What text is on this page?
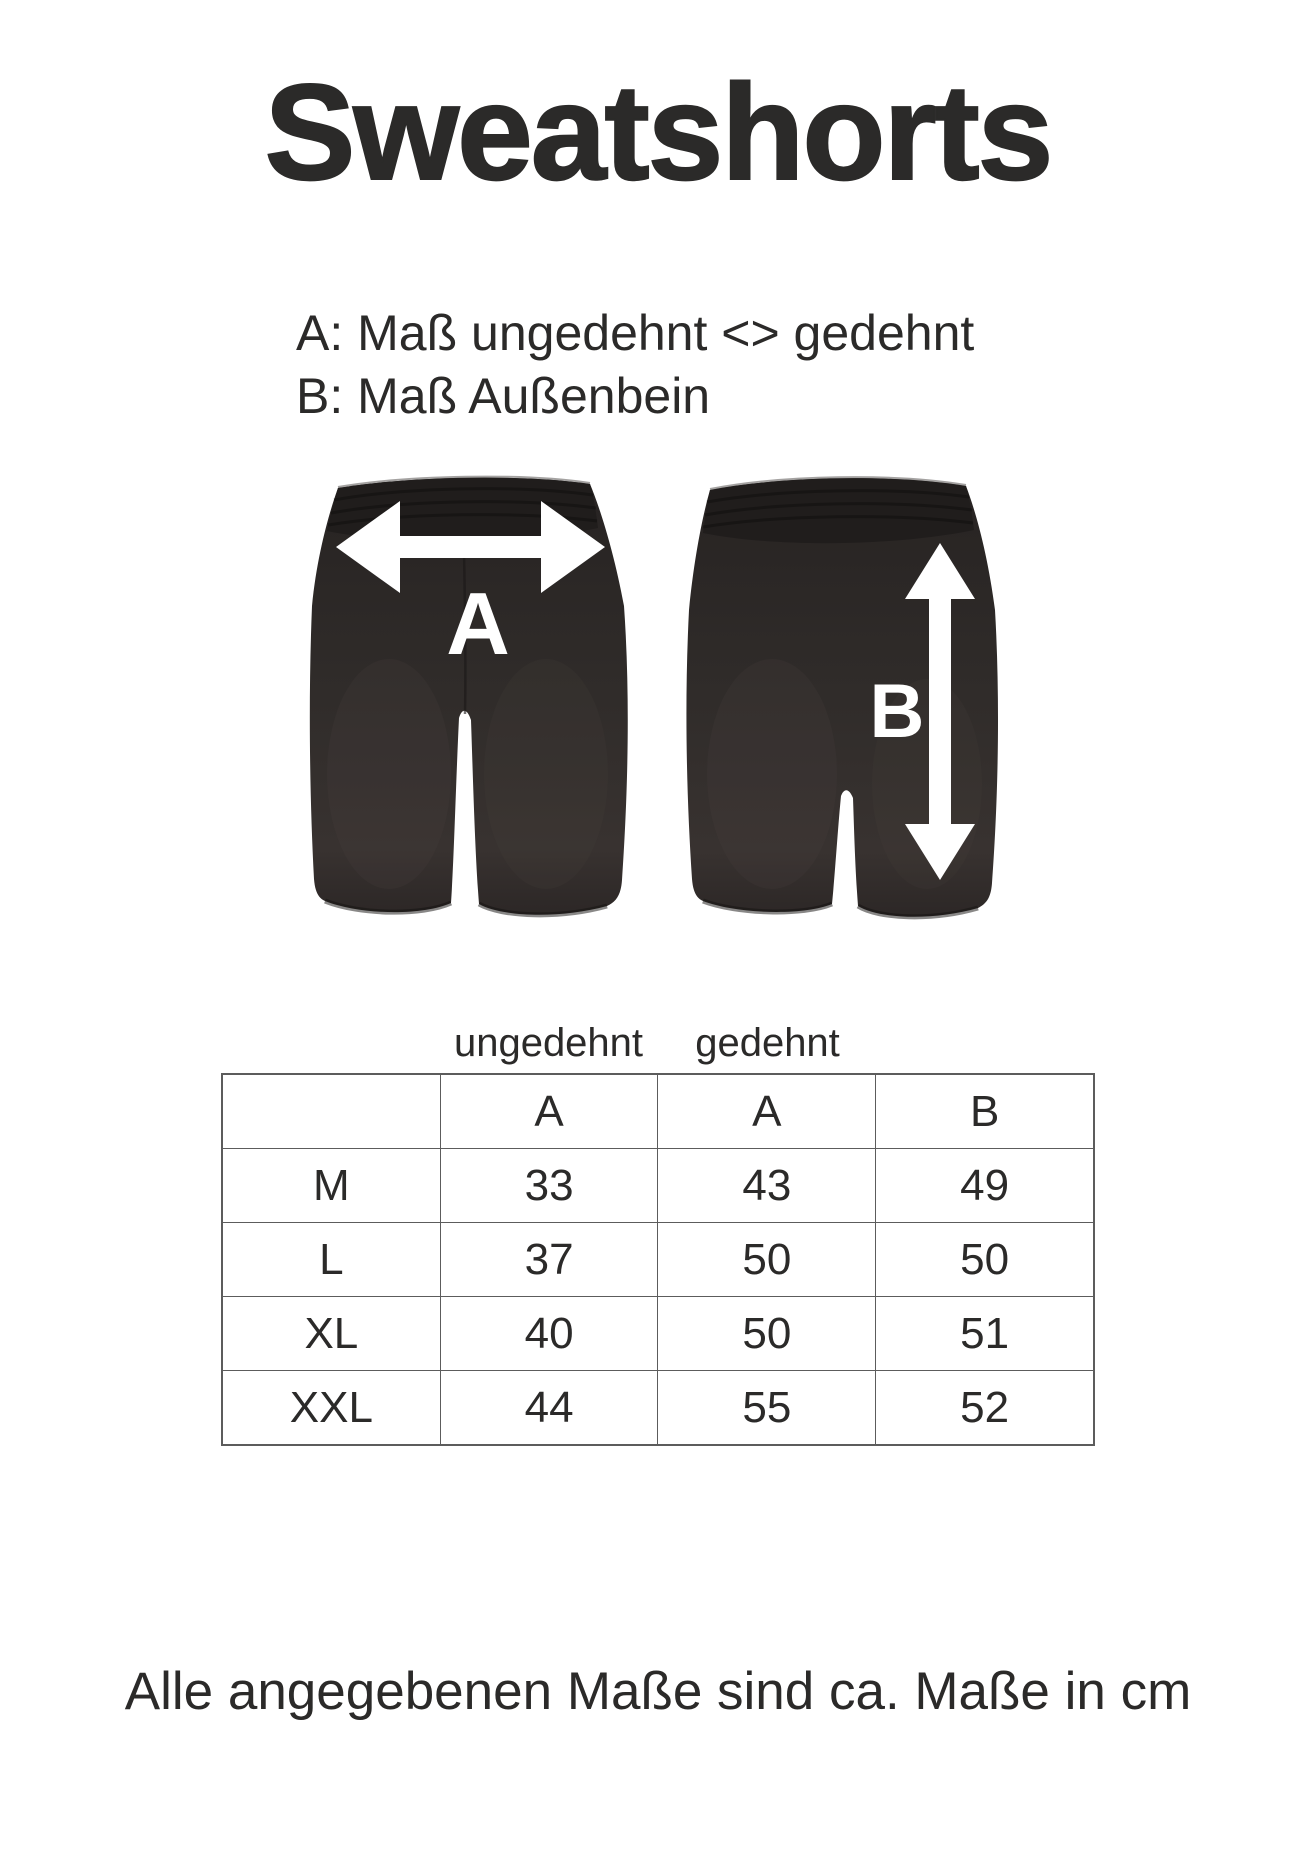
Sweatshorts
A: Maß ungedehnt <> gedehnt
B: Maß Außenbein
A
B
ungedehnt	gedehnt
	A	A	B
M	33	43	49
L	37	50	50
XL	40	50	51
XXL	44	55	52
Alle angegebenen Maße sind ca. Maße in cm
